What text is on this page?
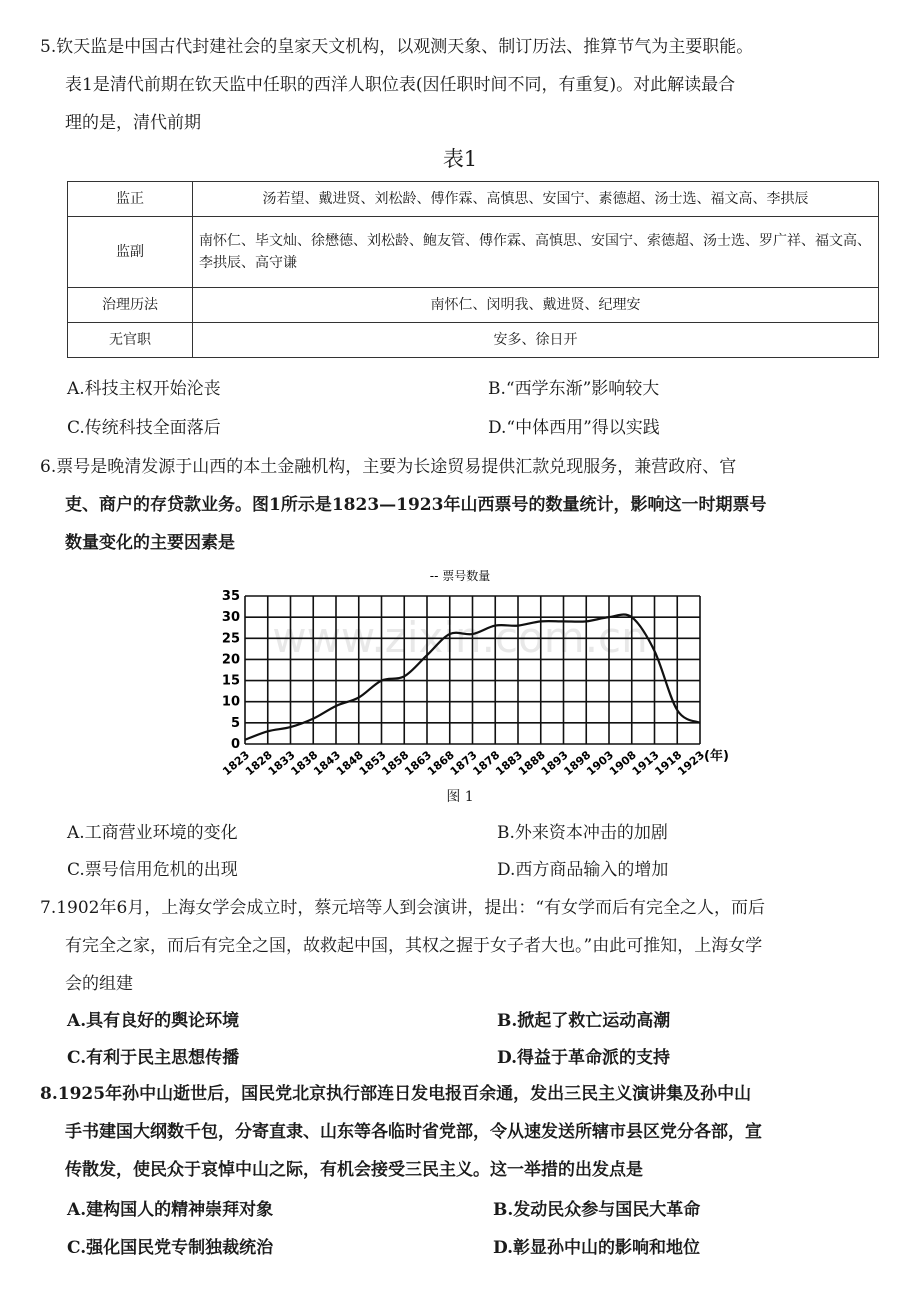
5.钦天监是中国古代封建社会的皇家天文机构，以观测天象、制订历法、推算节气为主要职能。
表1是清代前期在钦天监中任职的西洋人职位表(因任职时间不同，有重复)。对此解读最合
理的是，清代前期
表1
监正	汤若望、戴进贤、刘松龄、傅作霖、高慎思、安国宁、素德超、汤士选、福文高、李拱辰
监副	南怀仁、毕文灿、徐懋德、刘松龄、鲍友管、傅作霖、高慎思、安国宁、索德超、汤士选、罗广祥、福文高、李拱辰、高守谦
治理历法	南怀仁、闵明我、戴进贤、纪理安
无官职	安多、徐日开
A.科技主权开始沦丧	B.“西学东渐”影响较大
C.传统科技全面落后	D.“中体西用”得以实践
6.票号是晚清发源于山西的本土金融机构，主要为长途贸易提供汇款兑现服务，兼营政府、官
吏、商户的存贷款业务。图1所示是1823—1923年山西票号的数量统计，影响这一时期票号
数量变化的主要因素是
-- 票号数量
www.zixin.com.cn
0
5
10
15
20
25
30
35
1823
1828
1833
1838
1843
1848
1853
1858
1863
1868
1873
1878
1883
1888
1893
1898
1903
1908
1913
1918
1923
(年)
图 1
A.工商营业环境的变化	B.外来资本冲击的加剧
C.票号信用危机的出现	D.西方商品输入的增加
7.1902年6月，上海女学会成立时，蔡元培等人到会演讲，提出：“有女学而后有完全之人，而后
有完全之家，而后有完全之国，故救起中国，其权之握于女子者大也。”由此可推知，上海女学
会的组建
A.具有良好的舆论环境	B.掀起了救亡运动高潮
C.有利于民主思想传播	D.得益于革命派的支持
8.1925年孙中山逝世后，国民党北京执行部连日发电报百余通，发出三民主义演讲集及孙中山
手书建国大纲数千包，分寄直隶、山东等各临时省党部，令从速发送所辖市县区党分各部，宣
传散发，使民众于哀悼中山之际，有机会接受三民主义。这一举措的出发点是
A.建构国人的精神崇拜对象	B.发动民众参与国民大革命
C.强化国民党专制独裁统治	D.彰显孙中山的影响和地位
